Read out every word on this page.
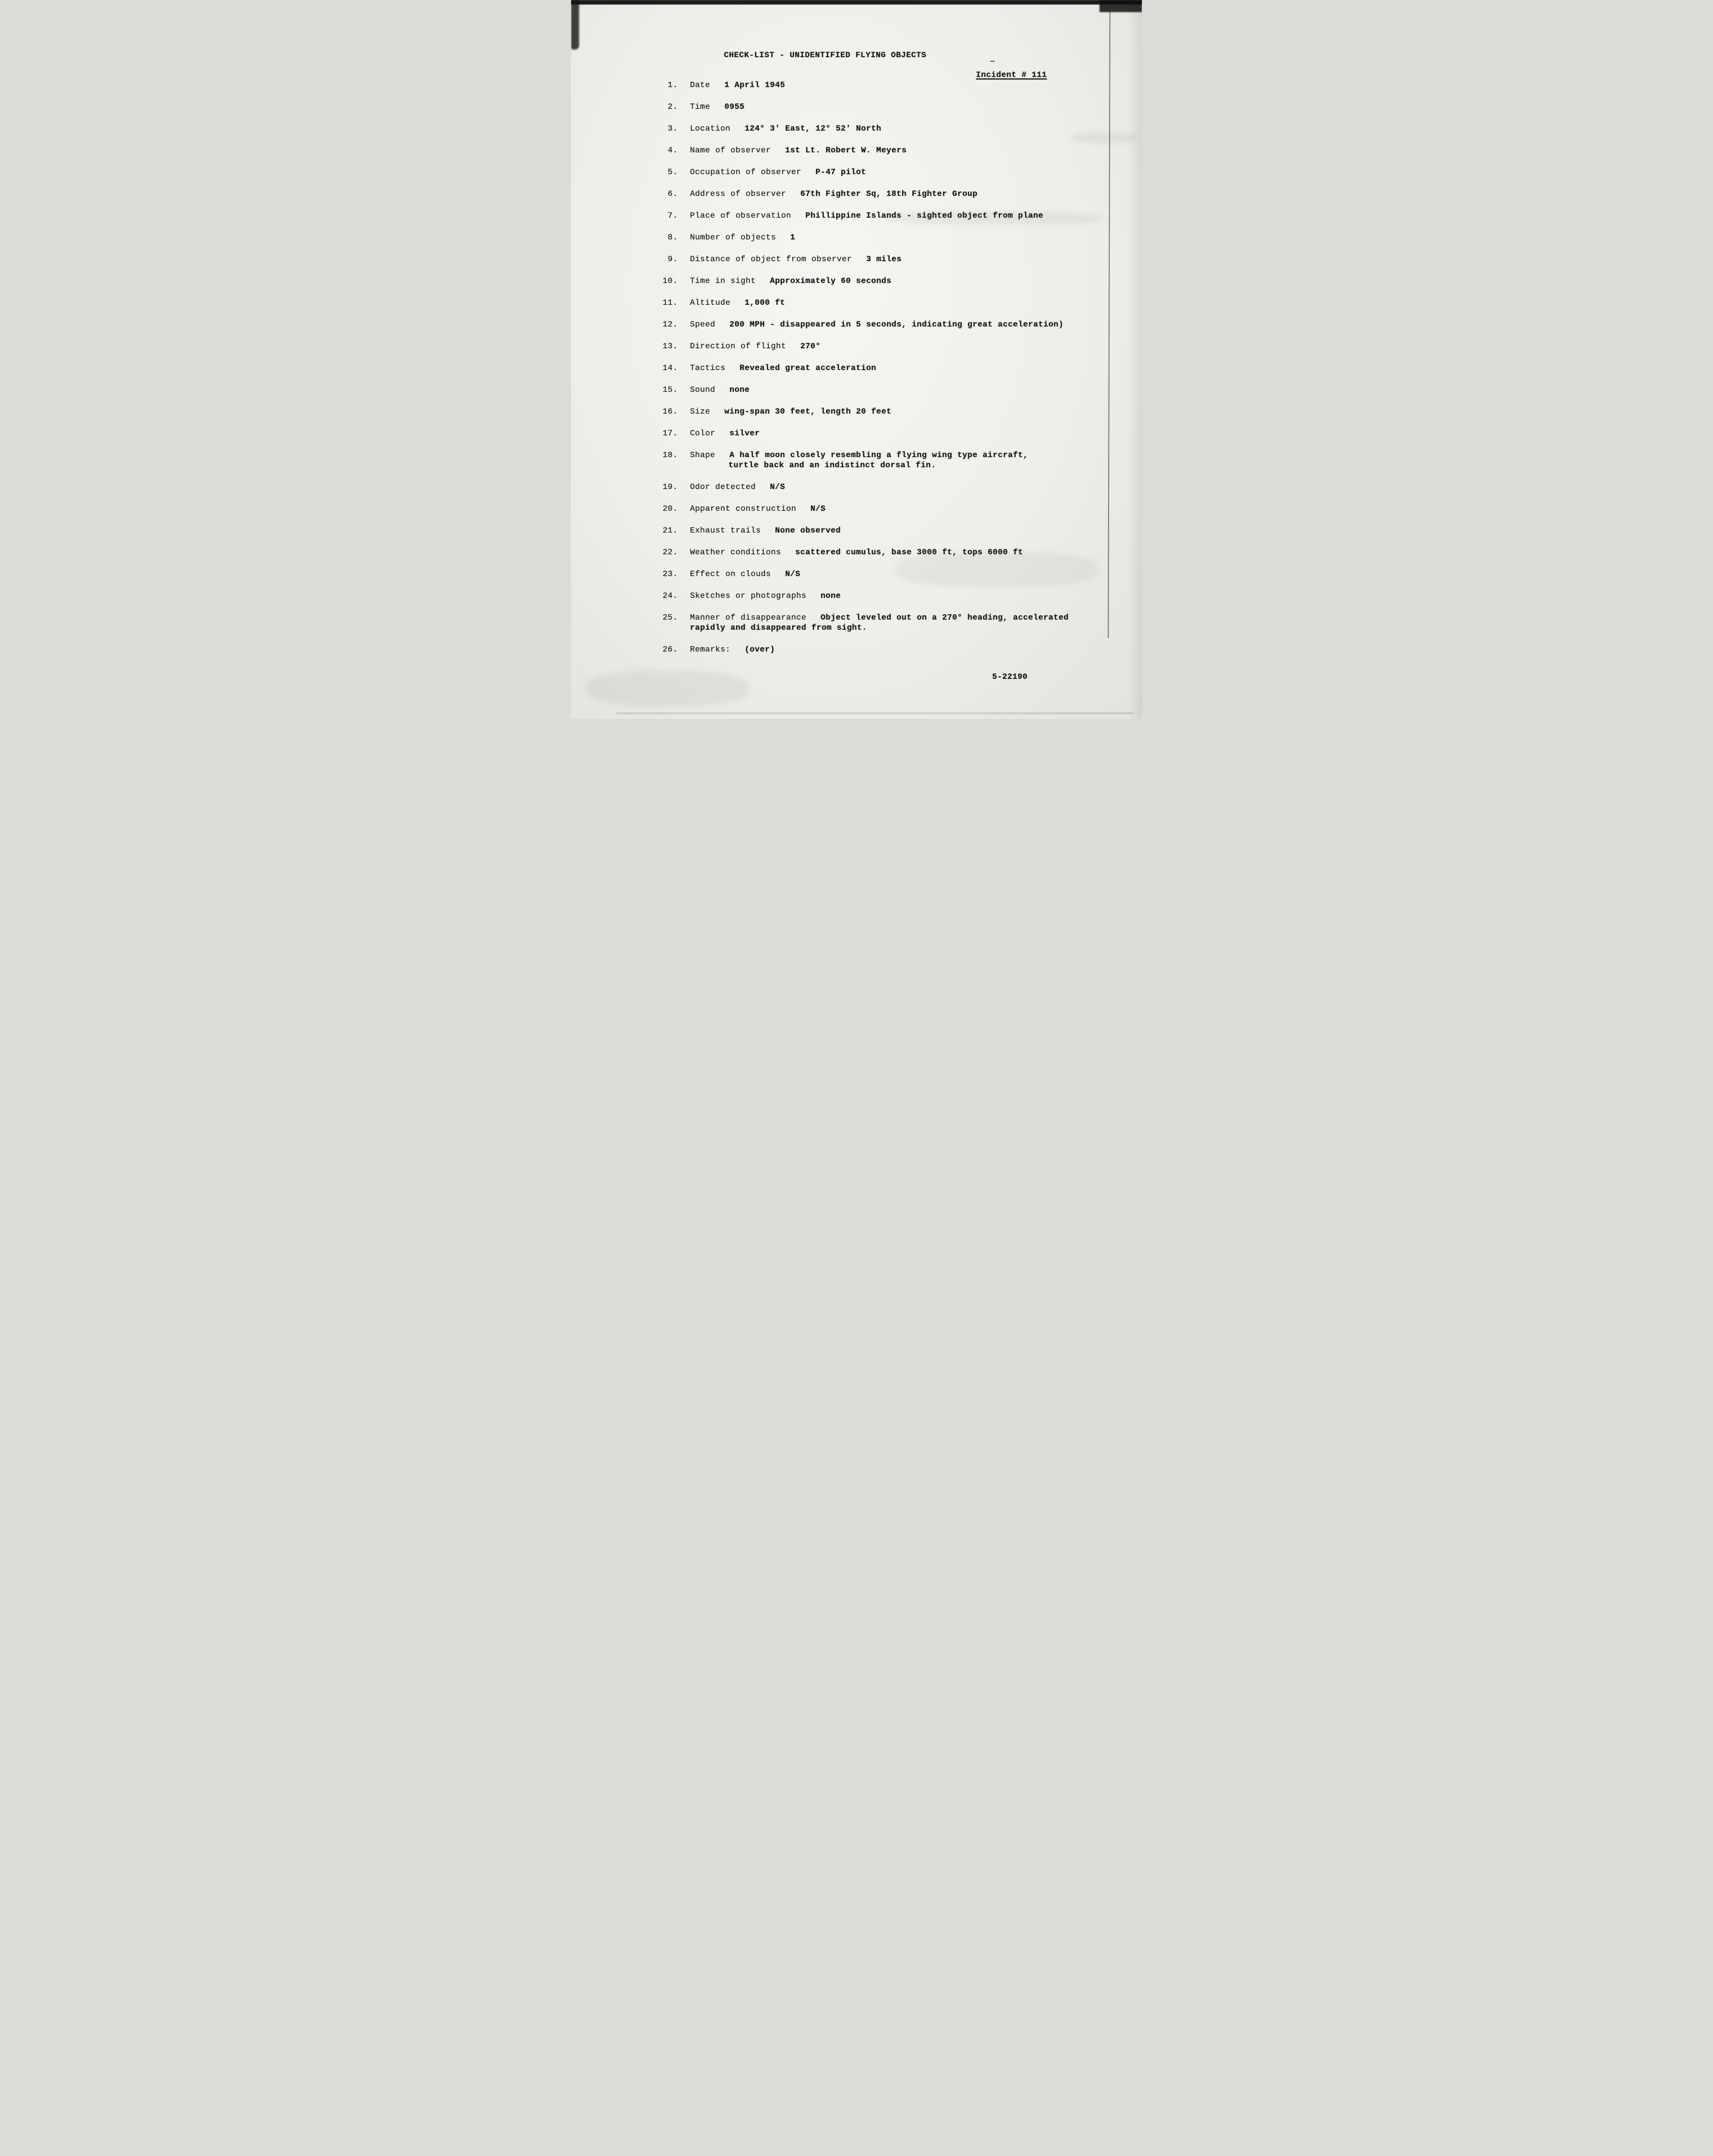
CHECK-LIST - UNIDENTIFIED FLYING OBJECTS
Incident # 111
1. Date 1 April 1945
2. Time 0955
3. Location 124° 3' East, 12° 52' North
4. Name of observer 1st Lt. Robert W. Meyers
5. Occupation of observer P-47 pilot
6. Address of observer 67th Fighter Sq, 18th Fighter Group
7. Place of observation Phillippine Islands - sighted object from plane
8. Number of objects 1
9. Distance of object from observer 3 miles
10. Time in sight Approximately 60 seconds
11. Altitude 1,000 ft
12. Speed 200 MPH - disappeared in 5 seconds, indicating great acceleration)
13. Direction of flight 270°
14. Tactics Revealed great acceleration
15. Sound none
16. Size wing-span 30 feet, length 20 feet
17. Color silver
18. Shape A half moon closely resembling a flying wing type aircraft,
turtle back and an indistinct dorsal fin.
19. Odor detected N/S
20. Apparent construction N/S
21. Exhaust trails None observed
22. Weather conditions scattered cumulus, base 3000 ft, tops 6000 ft
23. Effect on clouds N/S
24. Sketches or photographs none
25. Manner of disappearance Object leveled out on a 270° heading, accelerated
rapidly and disappeared from sight.
26. Remarks: (over)
5-22190
